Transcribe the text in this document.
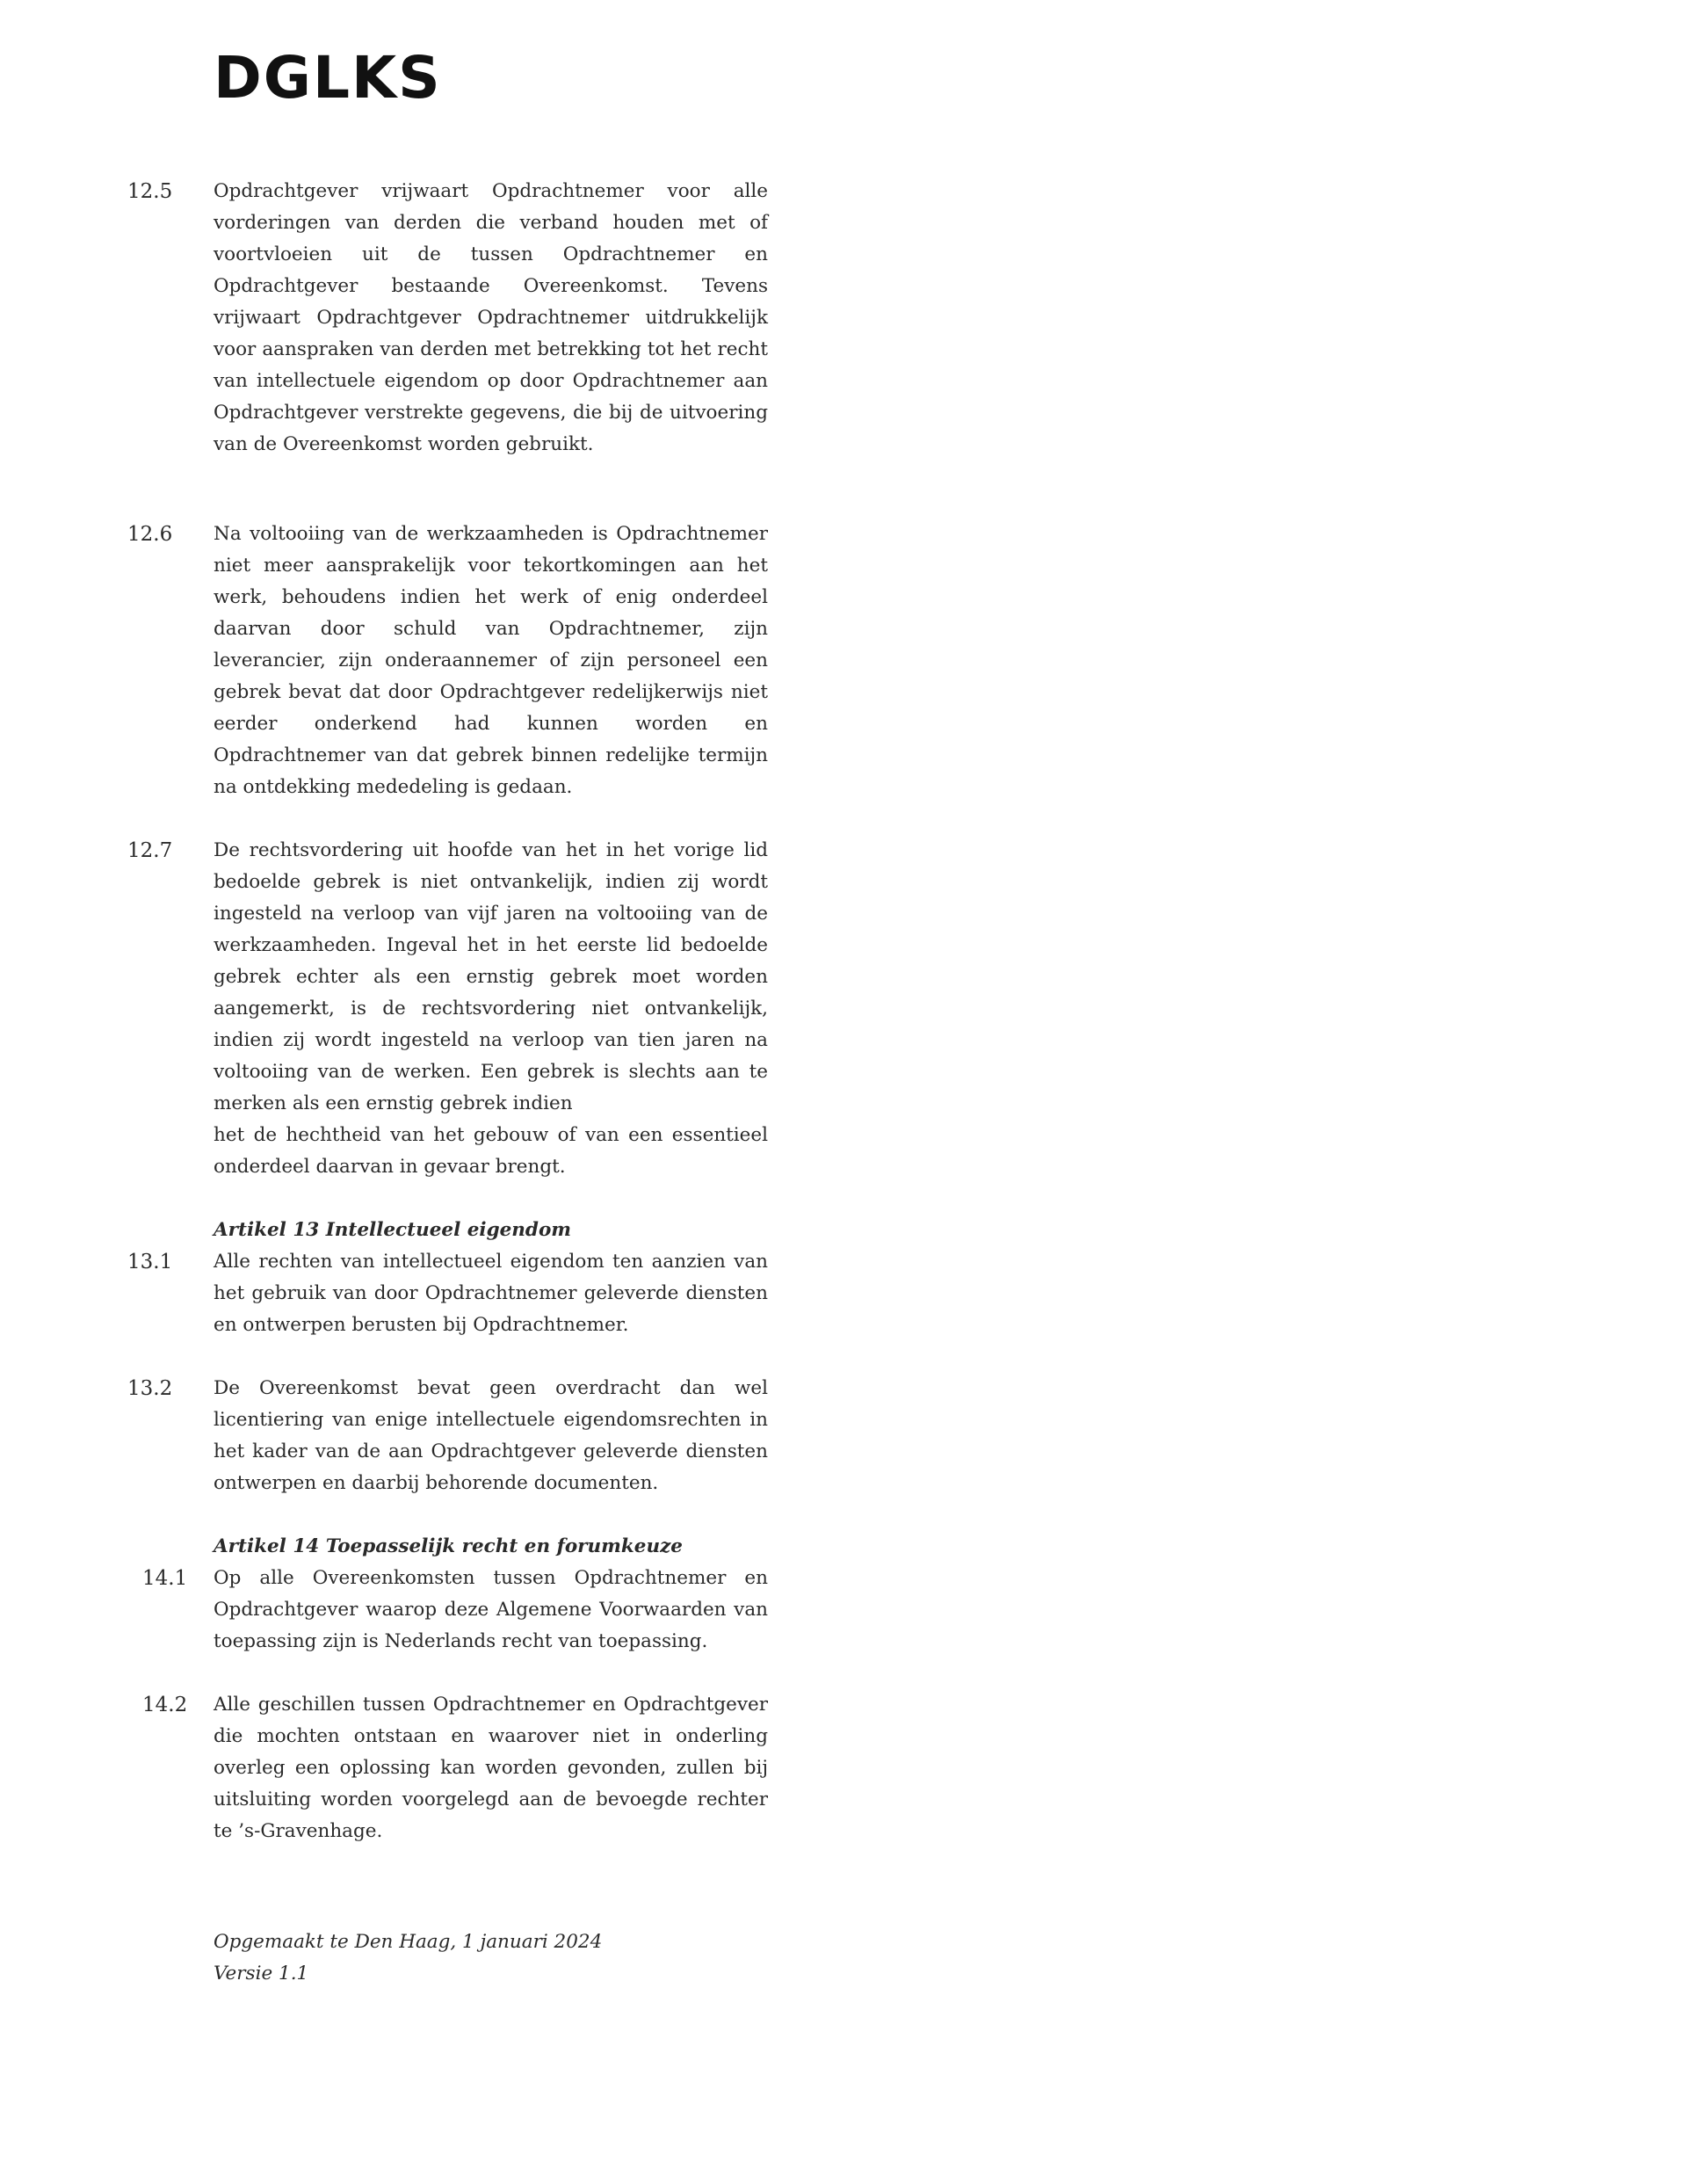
DGLKS
12.5	Opdrachtgever vrijwaart Opdrachtnemer voor alle vorderingen van derden die verband houden met of voortvloeien uit de tussen Opdrachtnemer en Opdrachtgever bestaande Overeenkomst. Tevens vrijwaart Opdrachtgever Opdrachtnemer uitdrukkelijk voor aanspraken van derden met betrekking tot het recht van intellectuele eigendom op door Opdrachtnemer aan Opdrachtgever verstrekte gegevens, die bij de uitvoering van de Overeenkomst worden gebruikt.
12.6	Na voltooiing van de werkzaamheden is Opdrachtnemer niet meer aansprakelijk voor tekortkomingen aan het werk, behoudens indien het werk of enig onderdeel daarvan door schuld van Opdrachtnemer, zijn leverancier, zijn onderaannemer of zijn personeel een gebrek bevat dat door Opdrachtgever redelijkerwijs niet eerder onderkend had kunnen worden en Opdrachtnemer van dat gebrek binnen redelijke termijn na ontdekking mededeling is gedaan.
12.7	De rechtsvordering uit hoofde van het in het vorige lid bedoelde gebrek is niet ontvankelijk, indien zij wordt ingesteld na verloop van vijf jaren na voltooiing van de werkzaamheden. Ingeval het in het eerste lid bedoelde gebrek echter als een ernstig gebrek moet worden aangemerkt, is de rechtsvordering niet ontvankelijk, indien zij wordt ingesteld na verloop van tien jaren na voltooiing van de werken. Een gebrek is slechts aan te merken als een ernstig gebrek indien
het de hechtheid van het gebouw of van een essentieel onderdeel daarvan in gevaar brengt.
Artikel 13 Intellectueel eigendom
13.1	Alle rechten van intellectueel eigendom ten aanzien van het gebruik van door Opdrachtnemer geleverde diensten en ontwerpen berusten bij Opdrachtnemer.
13.2	De Overeenkomst bevat geen overdracht dan wel licentiering van enige intellectuele eigendomsrechten in het kader van de aan Opdrachtgever geleverde diensten ontwerpen en daarbij behorende documenten.
Artikel 14 Toepasselijk recht en forumkeuze
14.1	Op alle Overeenkomsten tussen Opdrachtnemer en Opdrachtgever waarop deze Algemene Voorwaarden van toepassing zijn is Nederlands recht van toepassing.
14.2	Alle geschillen tussen Opdrachtnemer en Opdrachtgever die mochten ontstaan en waarover niet in onderling overleg een oplossing kan worden gevonden, zullen bij uitsluiting worden voorgelegd aan de bevoegde rechter te ’s-Gravenhage.
Opgemaakt te Den Haag, 1 januari 2024
Versie 1.1
